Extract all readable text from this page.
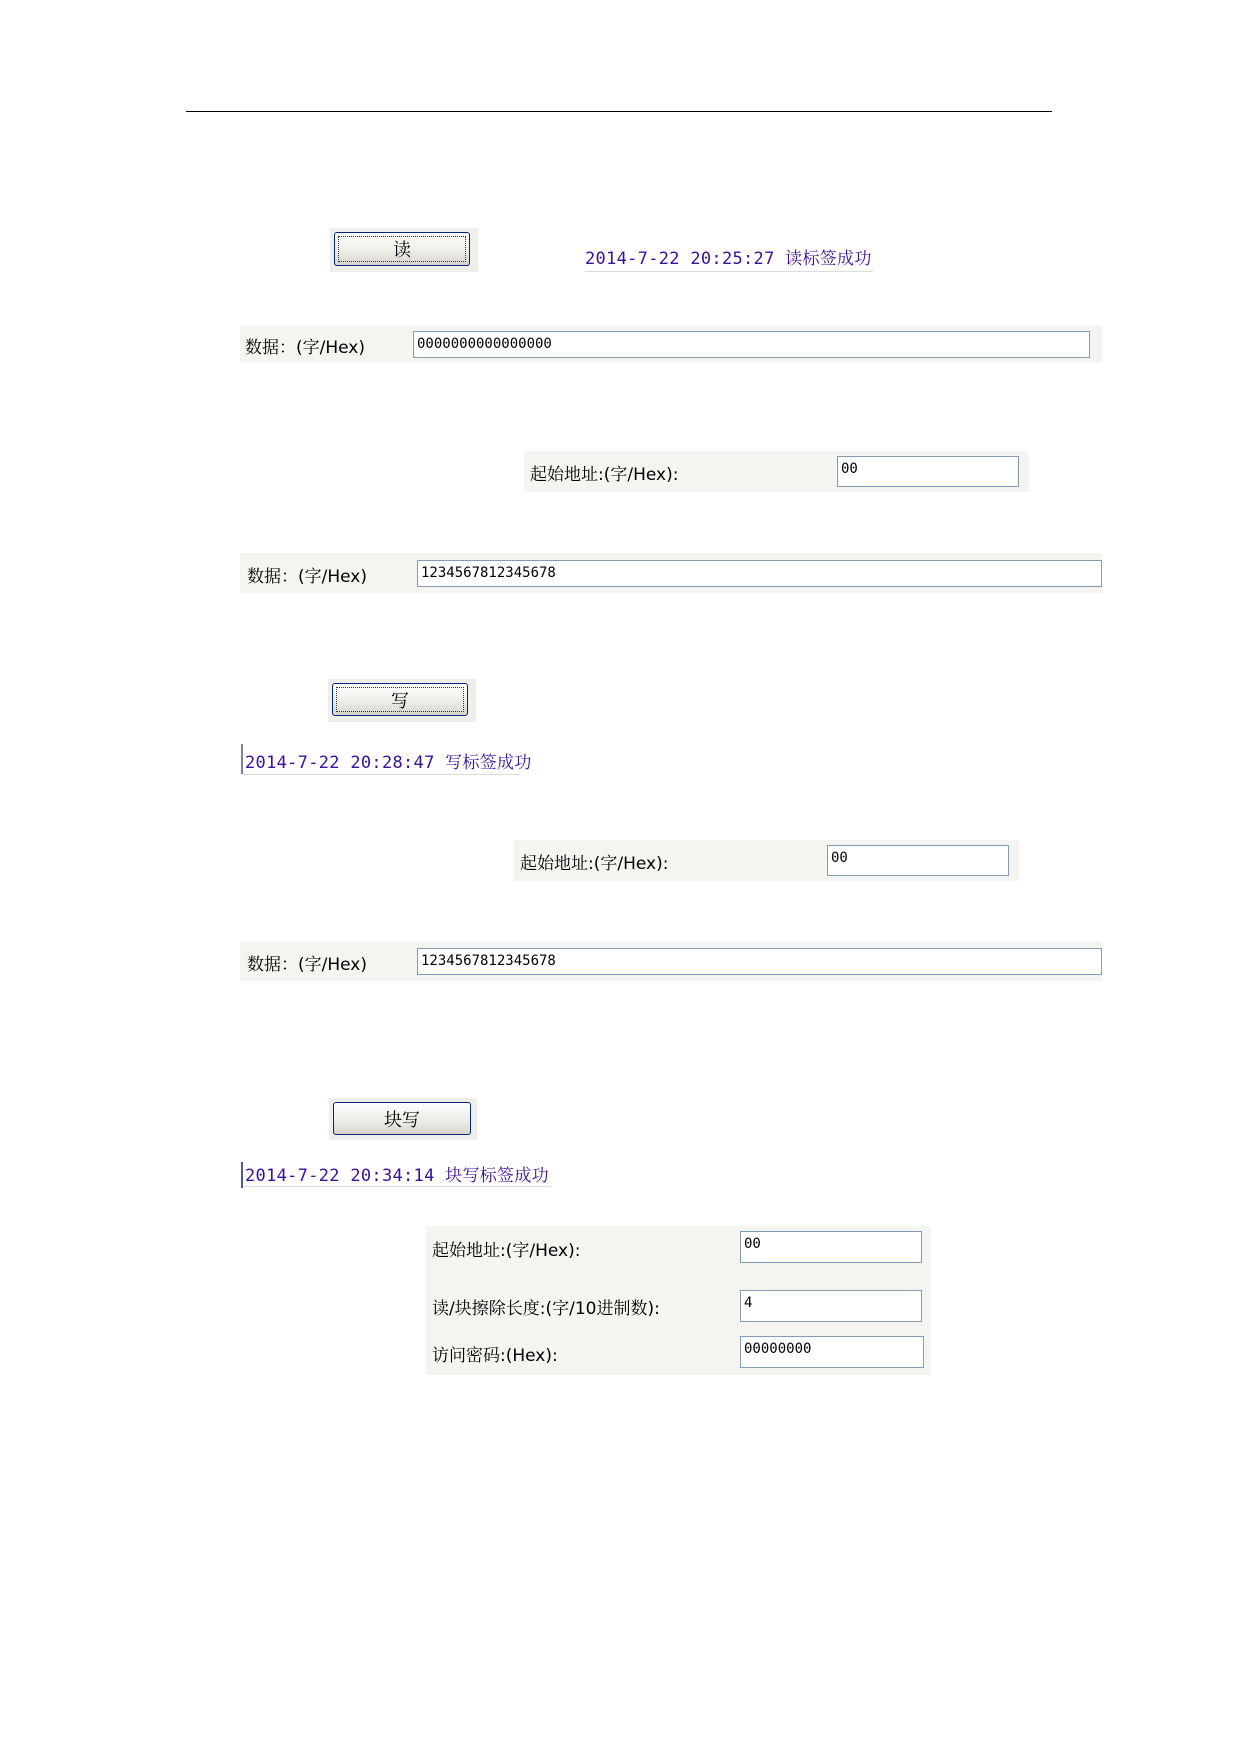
读	2014-7-22 20:25:27 读标签成功
数据：(字/Hex)	0000000000000000
起始地址:(字/Hex):	00
数据：(字/Hex)	1234567812345678
写
2014-7-22 20:28:47 写标签成功
起始地址:(字/Hex):	00
数据：(字/Hex)	1234567812345678
块写
2014-7-22 20:34:14 块写标签成功
起始地址:(字/Hex):	00
读/块擦除长度:(字/10进制数):	4
访问密码:(Hex):	00000000
